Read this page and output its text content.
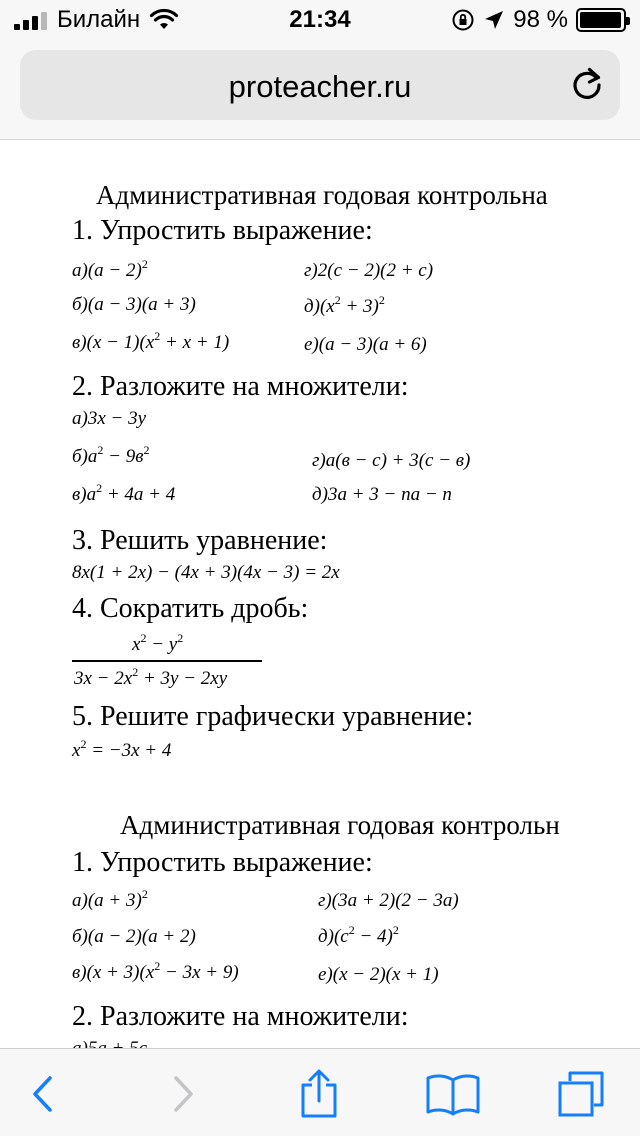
Билайн	21:34	98 %
proteacher.ru
Административная годовая контрольна
1. Упростить выражение:
$а)(а - 2)^2$
б)(а − 3)(а + 3)
$в)(х - 1)(х^2 + х + 1)$
г)2(с − 2)(2 + с)
$д)(х^2 + 3)^2$
е)(а − 3)(а + 6)
2. Разложите на множители:
а)3х − 3у
$б)а^2 - 9в^2$
$в)а^2 + 4а + 4$
г)а(в − с) + 3(с − в)
д)3а + 3 − па − п
3. Решить уравнение:
8х(1 + 2х) − (4х + 3)(4х − 3) = 2х
4. Сократить дробь:
$х^2 - у^2$
$3х - 2х^2 + 3у - 2ху$
5. Решите графически уравнение:
$х^2 = -3х + 4$
Административная годовая контрольн
1. Упростить выражение:
$а)(а + 3)^2$
б)(а − 2)(а + 2)
$в)(х + 3)(х^2 - 3х + 9)$
г)(3а + 2)(2 − 3а)
$д)(с^2 - 4)^2$
е)(х − 2)(х + 1)
2. Разложите на множители:
